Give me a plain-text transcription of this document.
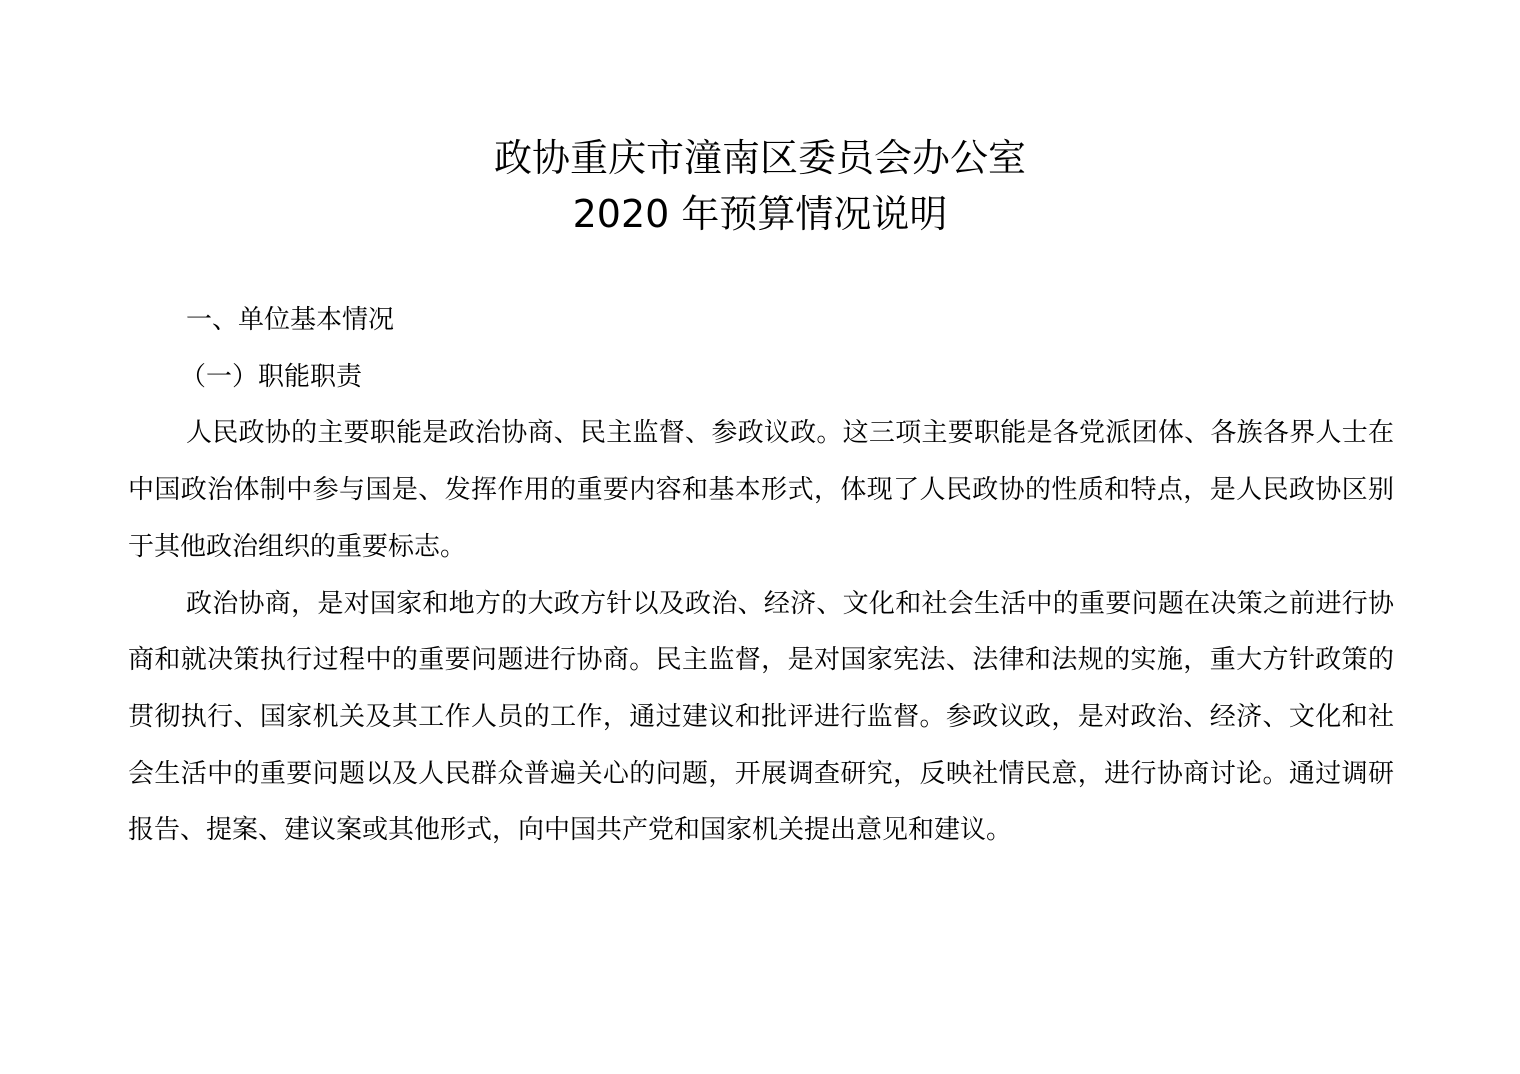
政协重庆市潼南区委员会办公室
2020 年预算情况说明

一、单位基本情况

（一）职能职责

人民政协的主要职能是政治协商、民主监督、参政议政。这三项主要职能是各党派团体、各族各界人士在中国政治体制中参与国是、发挥作用的重要内容和基本形式，体现了人民政协的性质和特点，是人民政协区别于其他政治组织的重要标志。

政治协商，是对国家和地方的大政方针以及政治、经济、文化和社会生活中的重要问题在决策之前进行协商和就决策执行过程中的重要问题进行协商。民主监督，是对国家宪法、法律和法规的实施，重大方针政策的贯彻执行、国家机关及其工作人员的工作，通过建议和批评进行监督。参政议政，是对政治、经济、文化和社会生活中的重要问题以及人民群众普遍关心的问题，开展调查研究，反映社情民意，进行协商讨论。通过调研报告、提案、建议案或其他形式，向中国共产党和国家机关提出意见和建议。
